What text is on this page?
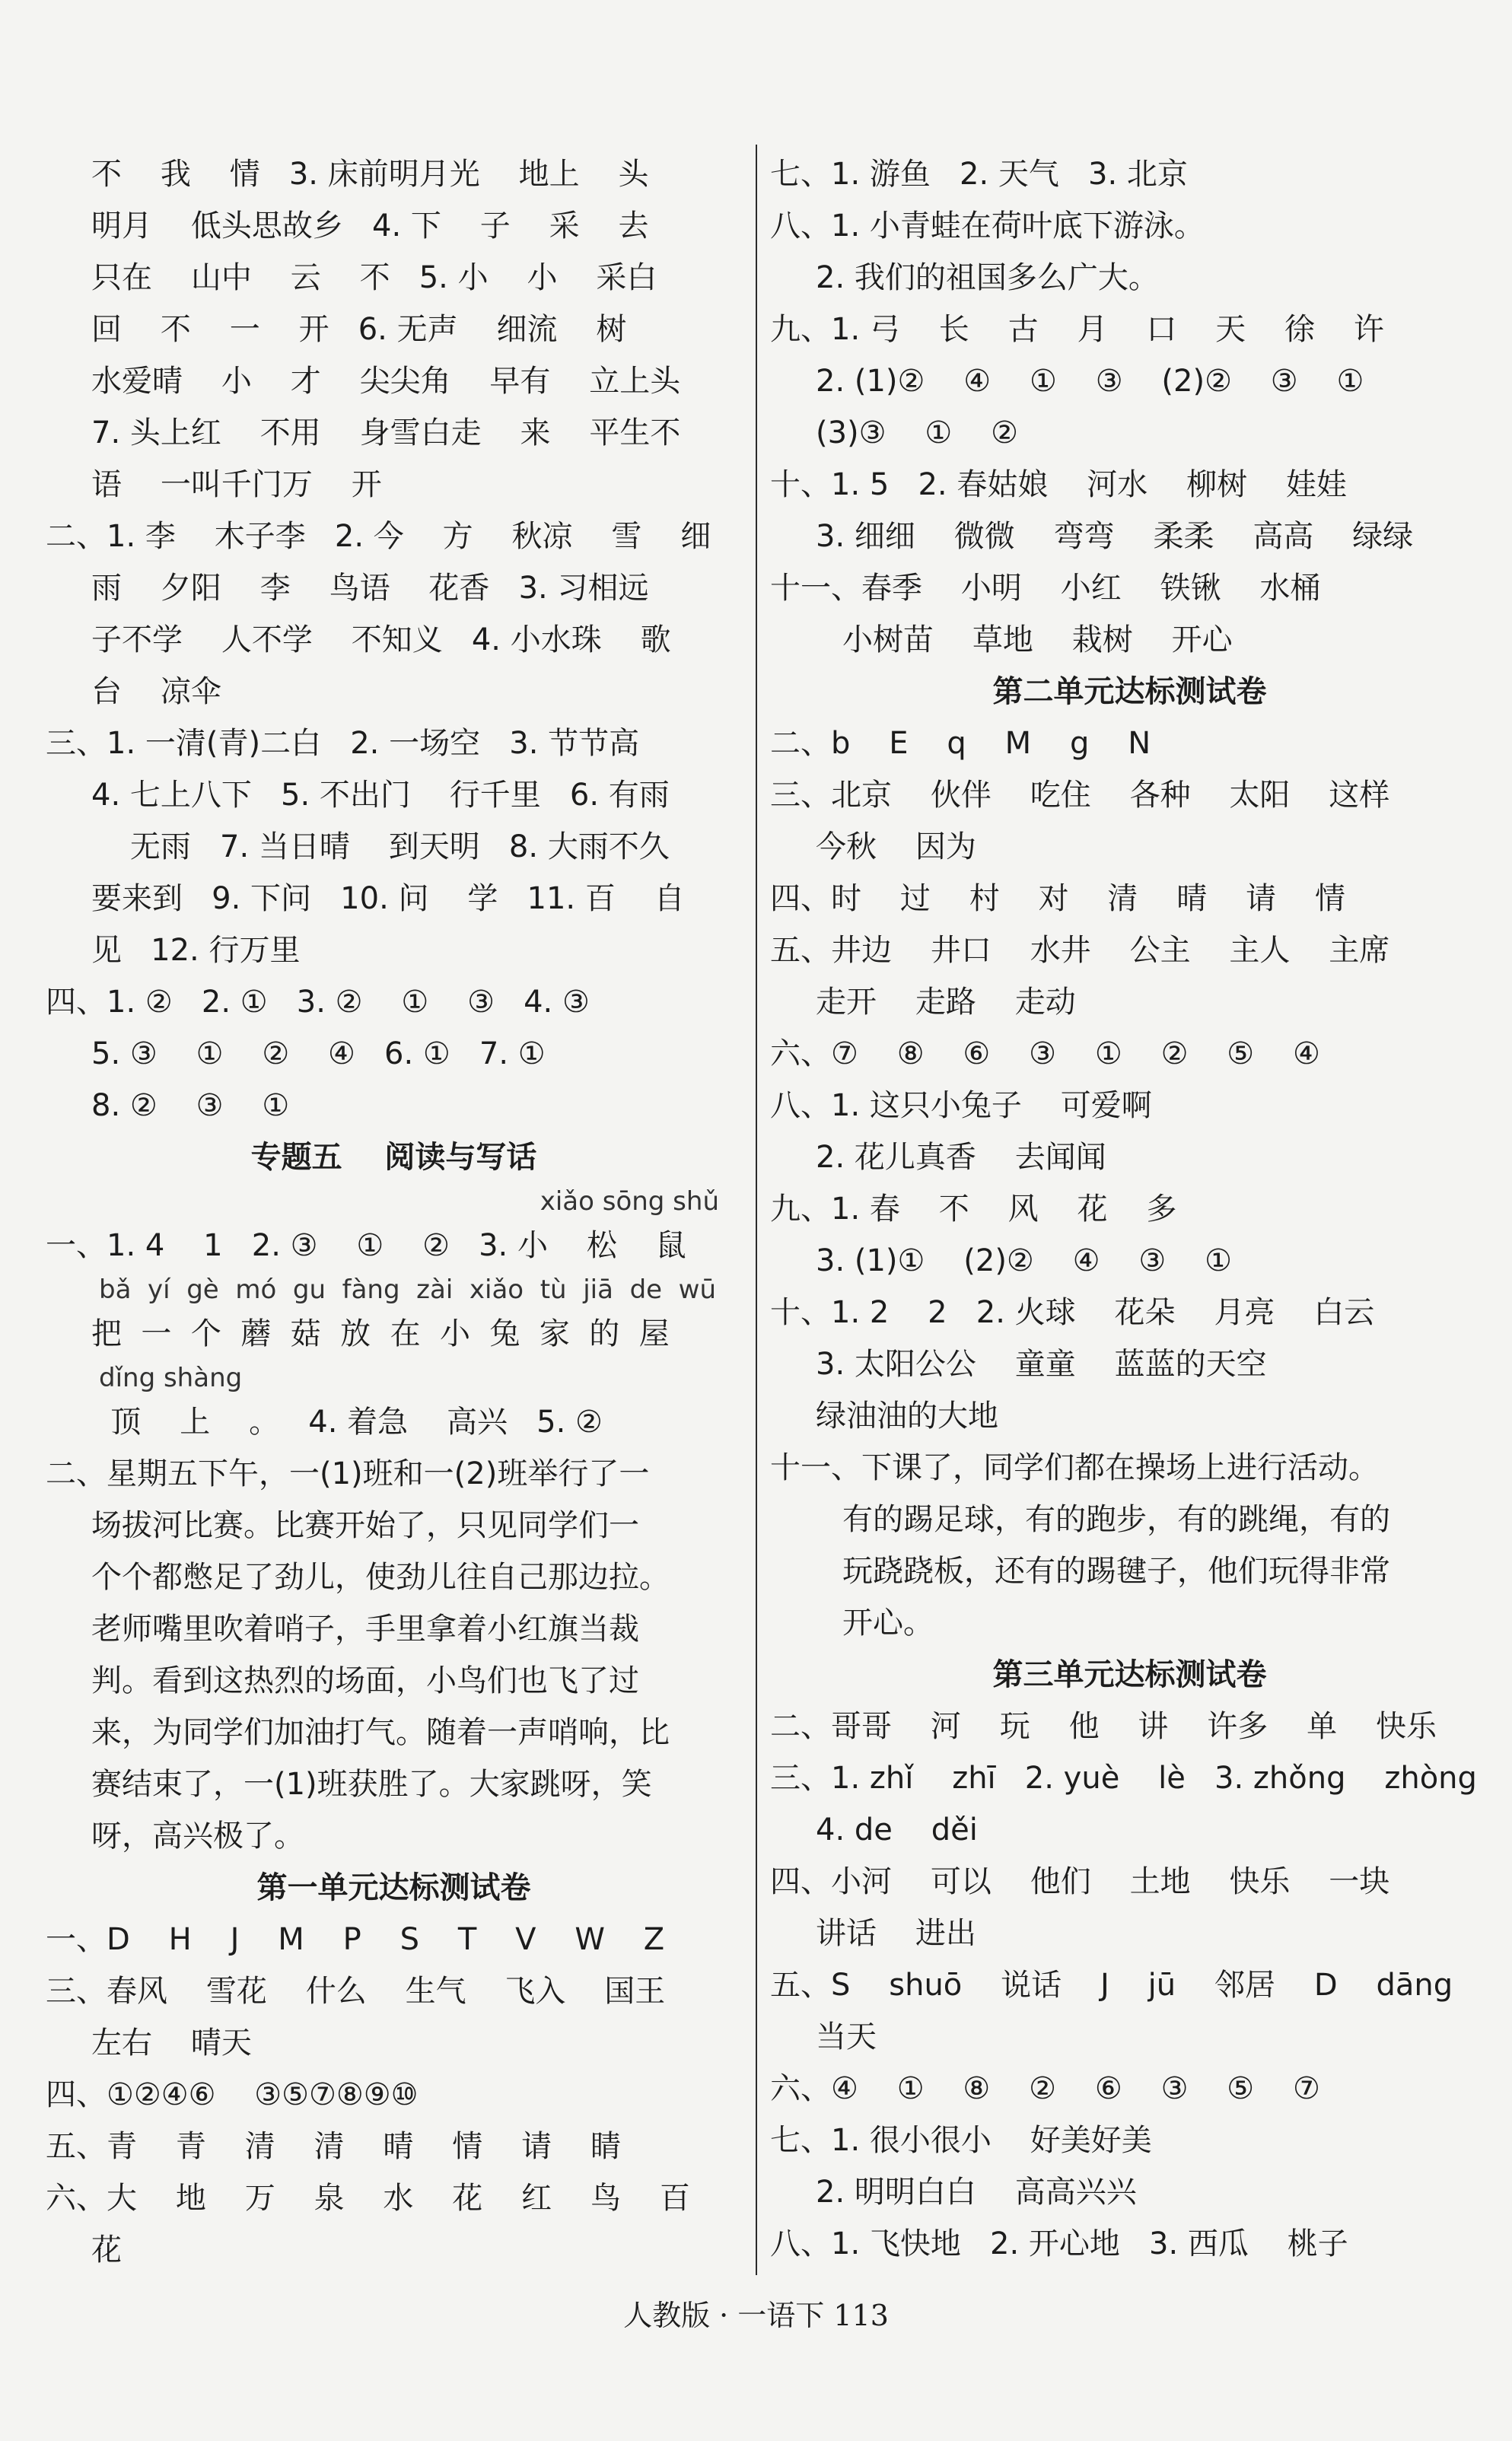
不    我    情   3. 床前明月光    地上    头
明月    低头思故乡   4. 下    子    采    去
只在    山中    云    不   5. 小    小    采白
回    不    一    开   6. 无声    细流    树
水爱晴    小    才    尖尖角    早有    立上头
7. 头上红    不用    身雪白走    来    平生不
语    一叫千门万    开
二、1. 李    木子李   2. 今    方    秋凉    雪    细
雨    夕阳    李    鸟语    花香   3. 习相远
子不学    人不学    不知义   4. 小水珠    歌
台    凉伞
三、1. 一清(青)二白   2. 一场空   3. 节节高
4. 七上八下   5. 不出门    行千里   6. 有雨
无雨   7. 当日晴    到天明   8. 大雨不久
要来到   9. 下问   10. 问    学   11. 百    自
见   12. 行万里
四、1. ②   2. ①   3. ②    ①    ③   4. ③
5. ③    ①    ②    ④   6. ①   7. ①
8. ②    ③    ①
专题五    阅读与写话
xiǎo sōng shǔ
一、1. 4    1   2. ③    ①    ②   3. 小    松    鼠
bǎ  yí  gè  mó  gu  fàng  zài  xiǎo  tù  jiā  de  wū
把  一  个  蘑  菇  放  在  小  兔  家  的  屋
dǐng shàng
顶    上    。   4. 着急    高兴   5. ②
二、星期五下午，一(1)班和一(2)班举行了一
场拔河比赛。比赛开始了，只见同学们一
个个都憋足了劲儿，使劲儿往自己那边拉。
老师嘴里吹着哨子，手里拿着小红旗当裁
判。看到这热烈的场面，小鸟们也飞了过
来，为同学们加油打气。随着一声哨响，比
赛结束了，一(1)班获胜了。大家跳呀，笑
呀，高兴极了。
第一单元达标测试卷
一、D    H    J    M    P    S    T    V    W    Z
三、春风    雪花    什么    生气    飞入    国王
左右    晴天
四、①②④⑥    ③⑤⑦⑧⑨⑩
五、青    青    清    清    晴    情    请    睛
六、大    地    万    泉    水    花    红    鸟    百
花
七、1. 游鱼   2. 天气   3. 北京
八、1. 小青蛙在荷叶底下游泳。
2. 我们的祖国多么广大。
九、1. 弓    长    古    月    口    天    徐    许
2. (1)②    ④    ①    ③    (2)②    ③    ①
(3)③    ①    ②
十、1. 5   2. 春姑娘    河水    柳树    娃娃
3. 细细    微微    弯弯    柔柔    高高    绿绿
十一、春季    小明    小红    铁锹    水桶
小树苗    草地    栽树    开心
第二单元达标测试卷
二、b    E    q    M    g    N
三、北京    伙伴    吃住    各种    太阳    这样
今秋    因为
四、时    过    村    对    清    晴    请    情
五、井边    井口    水井    公主    主人    主席
走开    走路    走动
六、⑦    ⑧    ⑥    ③    ①    ②    ⑤    ④
八、1. 这只小兔子    可爱啊
2. 花儿真香    去闻闻
九、1. 春    不    风    花    多
3. (1)①    (2)②    ④    ③    ①
十、1. 2    2   2. 火球    花朵    月亮    白云
3. 太阳公公    童童    蓝蓝的天空
绿油油的大地
十一、下课了，同学们都在操场上进行活动。
有的踢足球，有的跑步，有的跳绳，有的
玩跷跷板，还有的踢毽子，他们玩得非常
开心。
第三单元达标测试卷
二、哥哥    河    玩    他    讲    许多    单    快乐
三、1. zhǐ    zhī   2. yuè    lè   3. zhǒng    zhòng
4. de    děi
四、小河    可以    他们    土地    快乐    一块
讲话    进出
五、S    shuō    说话    J    jū    邻居    D    dāng
当天
六、④    ①    ⑧    ②    ⑥    ③    ⑤    ⑦
七、1. 很小很小    好美好美
2. 明明白白    高高兴兴
八、1. 飞快地   2. 开心地   3. 西瓜    桃子
人教版 · 一语下 113
